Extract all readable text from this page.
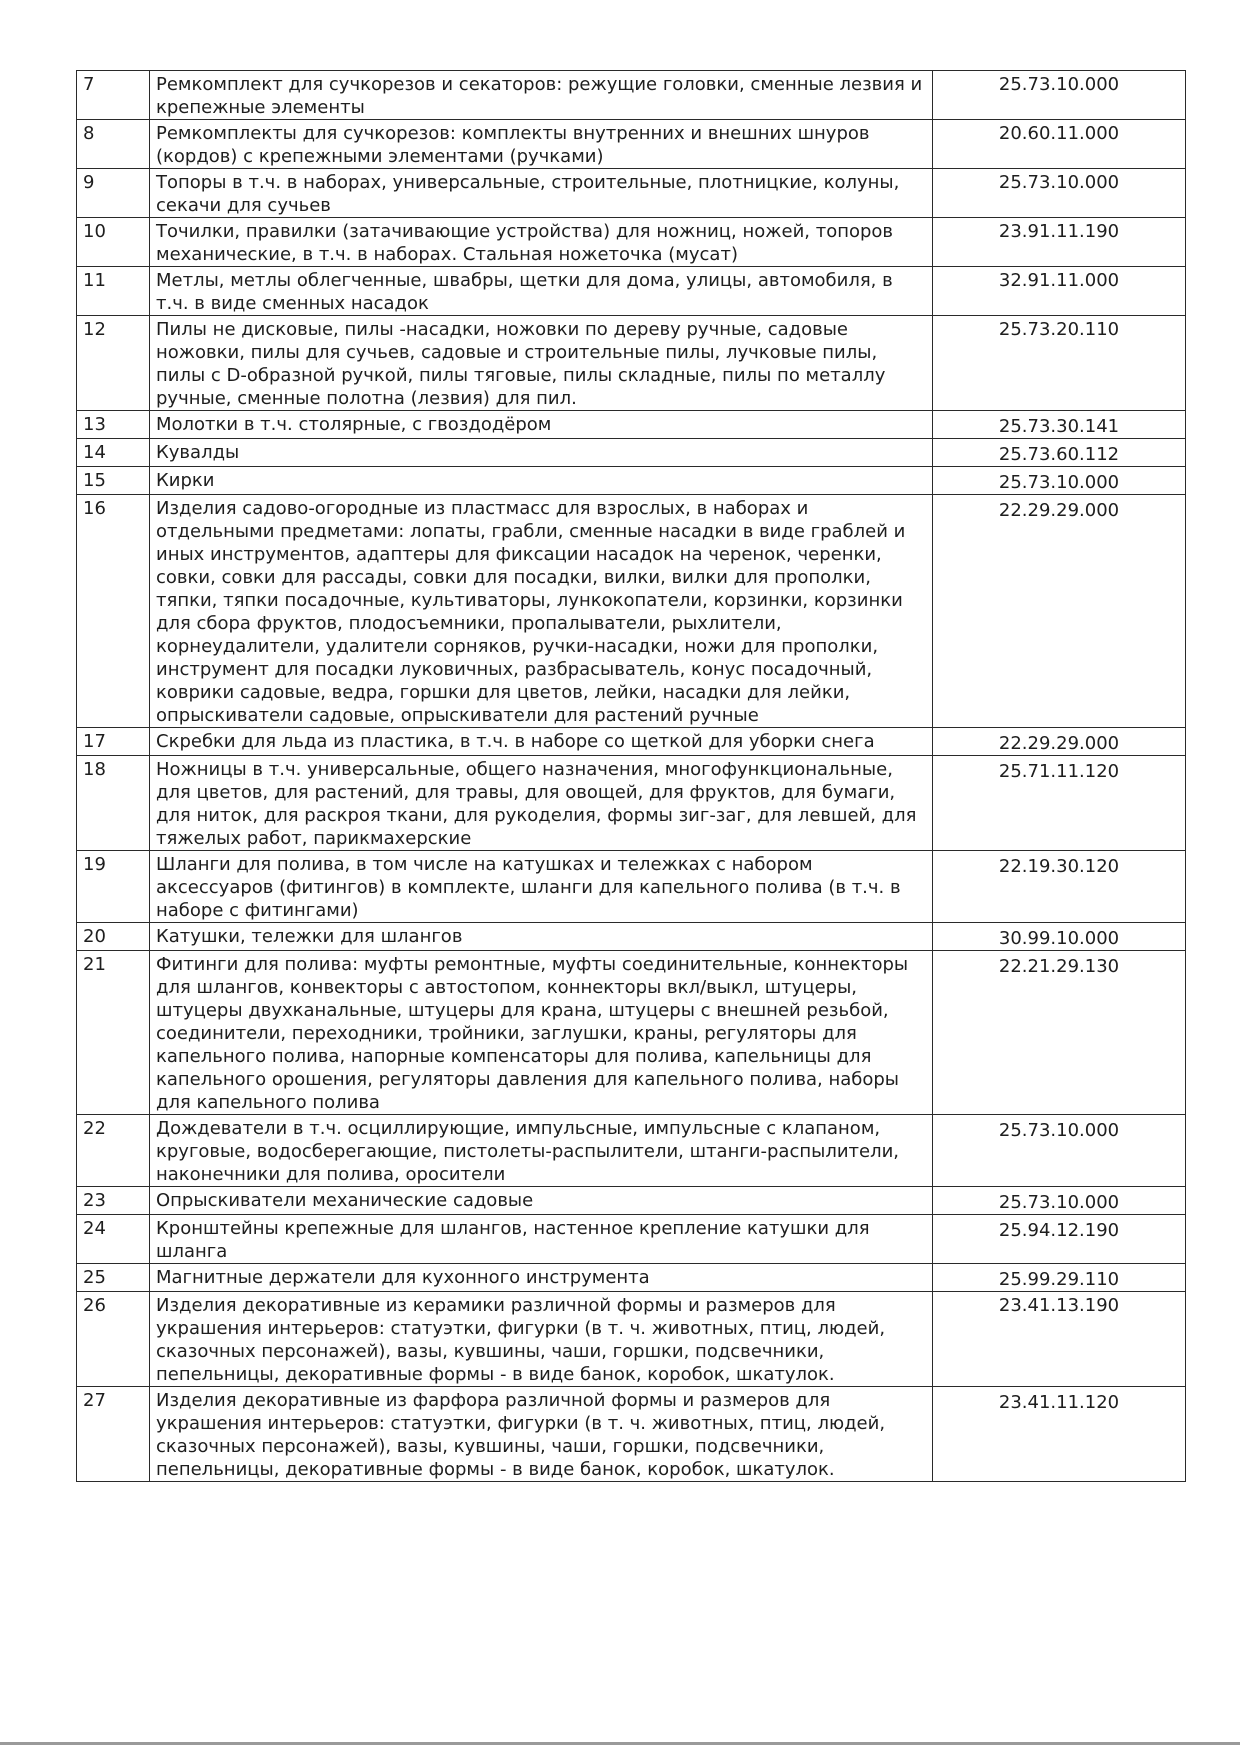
7	Ремкомплект для сучкорезов и секаторов: режущие головки, сменные лезвия и крепежные элементы	25.73.10.000
8	Ремкомплекты для сучкорезов: комплекты внутренних и внешних шнуров (кордов) с крепежными элементами (ручками)	20.60.11.000
9	Топоры в т.ч. в наборах, универсальные, строительные, плотницкие, колуны, секачи для сучьев	25.73.10.000
10	Точилки, правилки (затачивающие устройства) для ножниц, ножей, топоров механические, в т.ч. в наборах. Стальная ножеточка (мусат)	23.91.11.190
11	Метлы, метлы облегченные, швабры, щетки для дома, улицы, автомобиля, в т.ч. в виде сменных насадок	32.91.11.000
12	Пилы не дисковые, пилы -насадки, ножовки по дереву ручные, садовые ножовки, пилы для сучьев, садовые и строительные пилы, лучковые пилы, пилы с D-образной ручкой, пилы тяговые, пилы складные, пилы по металлу ручные, сменные полотна (лезвия) для пил.	25.73.20.110
13	Молотки в т.ч. столярные, с гвоздодёром	25.73.30.141
14	Кувалды	25.73.60.112
15	Кирки	25.73.10.000
16	Изделия садово-огородные из пластмасс для взрослых, в наборах и отдельными предметами: лопаты, грабли, сменные насадки в виде граблей и иных инструментов, адаптеры для фиксации насадок на черенок, черенки, совки, совки для рассады, совки для посадки, вилки, вилки для прополки, тяпки, тяпки посадочные, культиваторы, лункокопатели, корзинки, корзинки для сбора фруктов, плодосъемники, пропалыватели, рыхлители, корнеудалители, удалители сорняков, ручки-насадки, ножи для прополки, инструмент для посадки луковичных, разбрасыватель, конус посадочный, коврики садовые, ведра, горшки для цветов, лейки, насадки для лейки, опрыскиватели садовые, опрыскиватели для растений ручные	22.29.29.000
17	Скребки для льда из пластика, в т.ч. в наборе со щеткой для уборки снега	22.29.29.000
18	Ножницы в т.ч. универсальные, общего назначения, многофункциональные, для цветов, для растений, для травы, для овощей, для фруктов, для бумаги, для ниток, для раскроя ткани, для рукоделия, формы зиг-заг, для левшей, для тяжелых работ, парикмахерские	25.71.11.120
19	Шланги для полива, в том числе на катушках и тележках с набором аксессуаров (фитингов) в комплекте, шланги для капельного полива (в т.ч. в наборе с фитингами)	22.19.30.120
20	Катушки, тележки для шлангов	30.99.10.000
21	Фитинги для полива: муфты ремонтные, муфты соединительные, коннекторы для шлангов, конвекторы с автостопом, коннекторы вкл/выкл, штуцеры, штуцеры двухканальные, штуцеры для крана, штуцеры с внешней резьбой, соединители, переходники, тройники, заглушки, краны, регуляторы для капельного полива, напорные компенсаторы для полива, капельницы для капельного орошения, регуляторы давления для капельного полива, наборы для капельного полива	22.21.29.130
22	Дождеватели в т.ч. осциллирующие, импульсные, импульсные с клапаном, круговые, водосберегающие, пистолеты-распылители, штанги-распылители, наконечники для полива, оросители	25.73.10.000
23	Опрыскиватели механические садовые	25.73.10.000
24	Кронштейны крепежные для шлангов, настенное крепление катушки для шланга	25.94.12.190
25	Магнитные держатели для кухонного инструмента	25.99.29.110
26	Изделия декоративные из керамики различной формы и размеров для украшения интерьеров: статуэтки, фигурки (в т. ч. животных, птиц, людей, сказочных персонажей), вазы, кувшины, чаши, горшки, подсвечники, пепельницы, декоративные формы - в виде банок, коробок, шкатулок.	23.41.13.190
27	Изделия декоративные из фарфора различной формы и размеров для украшения интерьеров: статуэтки, фигурки (в т. ч. животных, птиц, людей, сказочных персонажей), вазы, кувшины, чаши, горшки, подсвечники, пепельницы, декоративные формы - в виде банок, коробок, шкатулок.	23.41.11.120
